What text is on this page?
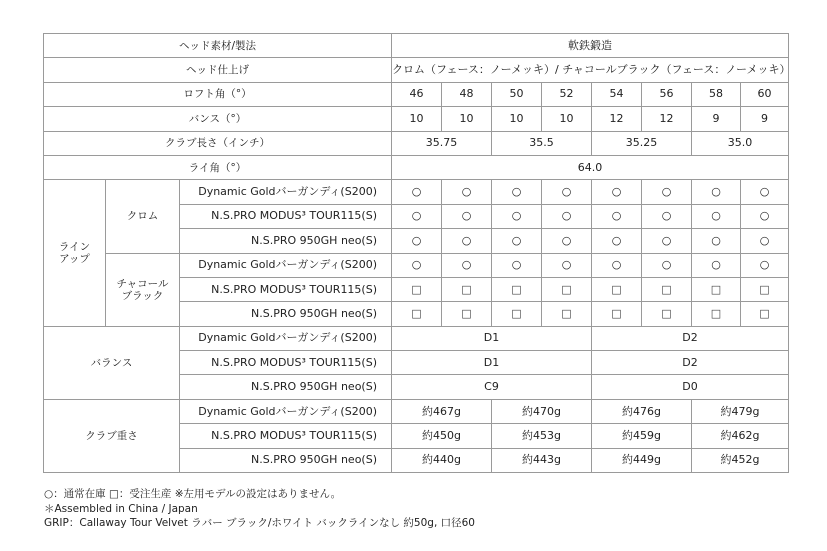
ヘッド素材/製法			軟鉄鍛造							
ヘッド仕上げ			クロム（フェース：ノーメッキ）/ チャコールブラック（フェース：ノーメッキ）							
ロフト角（°）			46	48	50	52	54	56	58	60
バンス（°）			10	10	10	10	12	12	9	9
クラブ長さ（インチ）			35.75		35.5		35.25		35.0	
ライ角（°）			64.0							
ライン
アップ	クロム	Dynamic Goldバーガンディ(S200)	○	○	○	○	○	○	○	○
		N.S.PRO MODUS³ TOUR115(S)	○	○	○	○	○	○	○	○
		N.S.PRO 950GH neo(S)	○	○	○	○	○	○	○	○
	チャコール
ブラック	Dynamic Goldバーガンディ(S200)	○	○	○	○	○	○	○	○
		N.S.PRO MODUS³ TOUR115(S)	□	□	□	□	□	□	□	□
		N.S.PRO 950GH neo(S)	□	□	□	□	□	□	□	□
バランス		Dynamic Goldバーガンディ(S200)	D1				D2			
		N.S.PRO MODUS³ TOUR115(S)	D1				D2			
		N.S.PRO 950GH neo(S)	C9				D0			
クラブ重さ		Dynamic Goldバーガンディ(S200)	約467g		約470g		約476g		約479g	
		N.S.PRO MODUS³ TOUR115(S)	約450g		約453g		約459g		約462g	
		N.S.PRO 950GH neo(S)	約440g		約443g		約449g		約452g	
○：通常在庫 □：受注生産 ※左用モデルの設定はありません。
＊Assembled in China / Japan
GRIP：Callaway Tour Velvet ラバー ブラック/ホワイト バックラインなし 約50g, 口径60
